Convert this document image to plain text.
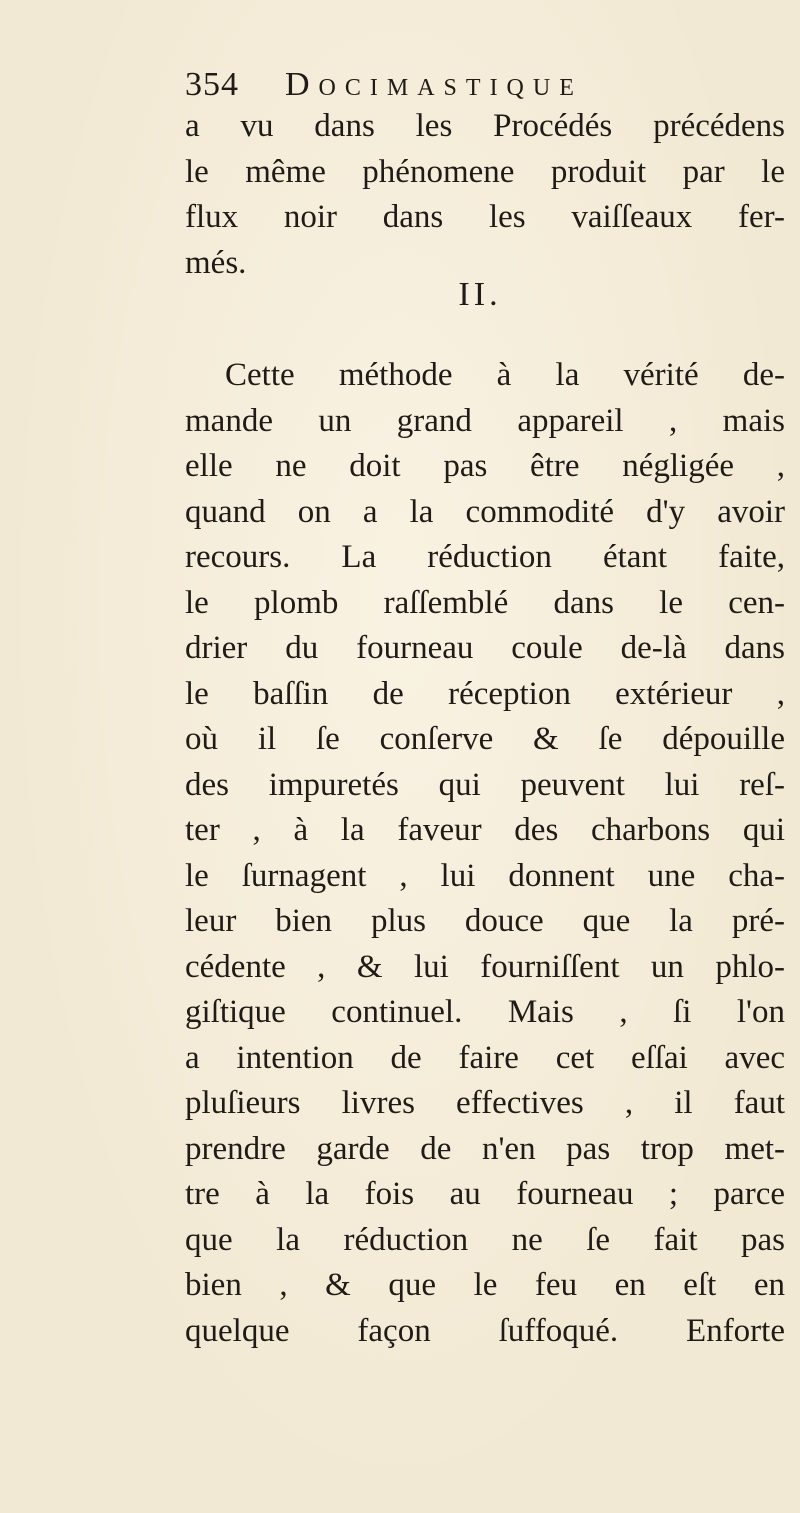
354 Docimastique
a vu dans les Procédés précédens
le même phénomene produit par le
flux noir dans les vaiſſeaux fer-
més.
II.
Cette méthode à la vérité de-
mande un grand appareil , mais
elle ne doit pas être négligée ,
quand on a la commodité d'y avoir
recours. La réduction étant faite,
le plomb raſſemblé dans le cen-
drier du fourneau coule de-là dans
le baſſin de réception extérieur ,
où il ſe conſerve & ſe dépouille
des impuretés qui peuvent lui reſ-
ter , à la faveur des charbons qui
le ſurnagent , lui donnent une cha-
leur bien plus douce que la pré-
cédente , & lui fourniſſent un phlo-
giſtique continuel. Mais , ſi l'on
a intention de faire cet eſſai avec
pluſieurs livres effectives , il faut
prendre garde de n'en pas trop met-
tre à la fois au fourneau ; parce
que la réduction ne ſe fait pas
bien , & que le feu en eſt en
quelque façon ſuffoqué. Enforte
